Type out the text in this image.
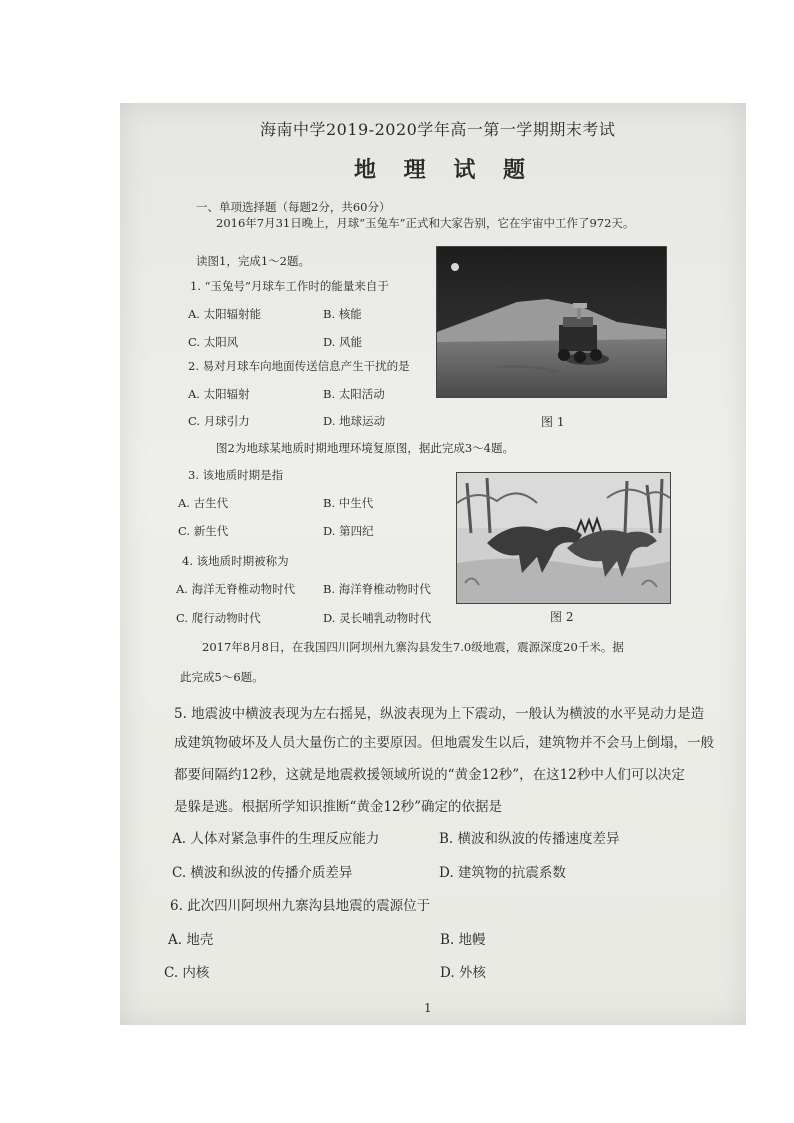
海南中学2019-2020学年高一第一学期期末考试
地 理 试 题
一、单项选择题（每题2分，共60分）
2016年7月31日晚上，月球“玉兔车”正式和大家告别，它在宇宙中工作了972天。
读图1，完成1～2题。
1. “玉兔号”月球车工作时的能量来自于
A. 太阳辐射能	B. 核能
C. 太阳风	D. 风能
2. 易对月球车向地面传送信息产生干扰的是
A. 太阳辐射	B. 太阳活动
C. 月球引力	D. 地球运动	图 1
图2为地球某地质时期地理环境复原图，据此完成3～4题。
3. 该地质时期是指
A. 古生代	B. 中生代
C. 新生代	D. 第四纪
4. 该地质时期被称为
A. 海洋无脊椎动物时代 B. 海洋脊椎动物时代
C. 爬行动物时代	D. 灵长哺乳动物时代	图 2
2017年8月8日，在我国四川阿坝州九寨沟县发生7.0级地震，震源深度20千米。据
此完成5～6题。
5. 地震波中横波表现为左右摇晃，纵波表现为上下震动，一般认为横波的水平晃动力是造
成建筑物破坏及人员大量伤亡的主要原因。但地震发生以后，建筑物并不会马上倒塌，一般
都要间隔约12秒，这就是地震救援领域所说的“黄金12秒”，在这12秒中人们可以决定
是躲是逃。根据所学知识推断“黄金12秒”确定的依据是
A. 人体对紧急事件的生理反应能力	B. 横波和纵波的传播速度差异
C. 横波和纵波的传播介质差异	D. 建筑物的抗震系数
6. 此次四川阿坝州九寨沟县地震的震源位于
A. 地壳	B. 地幔
C. 内核	D. 外核
1
